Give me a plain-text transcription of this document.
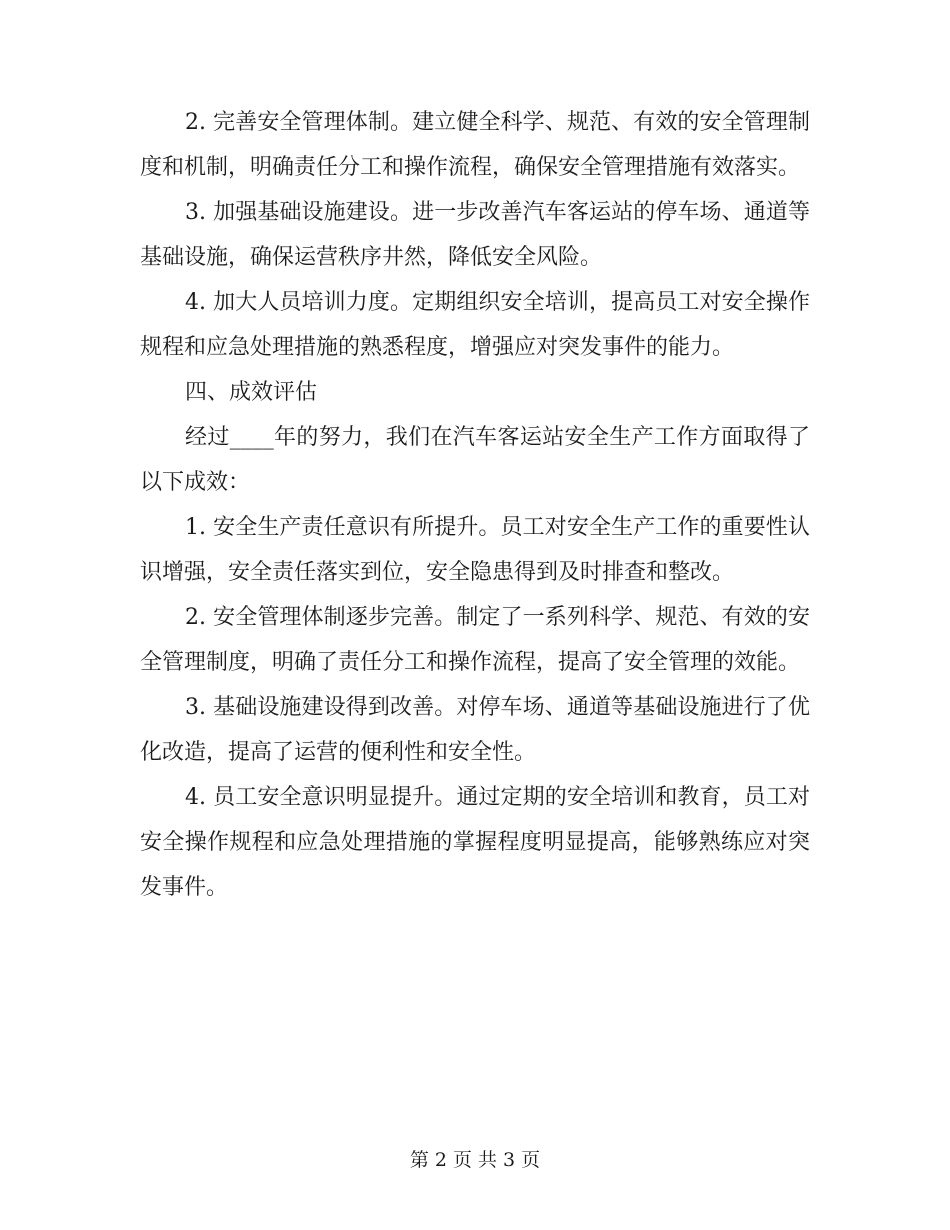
2. 完善安全管理体制。建立健全科学、规范、有效的安全管理制度和机制，明确责任分工和操作流程，确保安全管理措施有效落实。

3. 加强基础设施建设。进一步改善汽车客运站的停车场、通道等基础设施，确保运营秩序井然，降低安全风险。

4. 加大人员培训力度。定期组织安全培训，提高员工对安全操作规程和应急处理措施的熟悉程度，增强应对突发事件的能力。

四、成效评估

经过____年的努力，我们在汽车客运站安全生产工作方面取得了以下成效：

1. 安全生产责任意识有所提升。员工对安全生产工作的重要性认识增强，安全责任落实到位，安全隐患得到及时排查和整改。

2. 安全管理体制逐步完善。制定了一系列科学、规范、有效的安全管理制度，明确了责任分工和操作流程，提高了安全管理的效能。

3. 基础设施建设得到改善。对停车场、通道等基础设施进行了优化改造，提高了运营的便利性和安全性。

4. 员工安全意识明显提升。通过定期的安全培训和教育，员工对安全操作规程和应急处理措施的掌握程度明显提高，能够熟练应对突发事件。

第 2 页 共 3 页
